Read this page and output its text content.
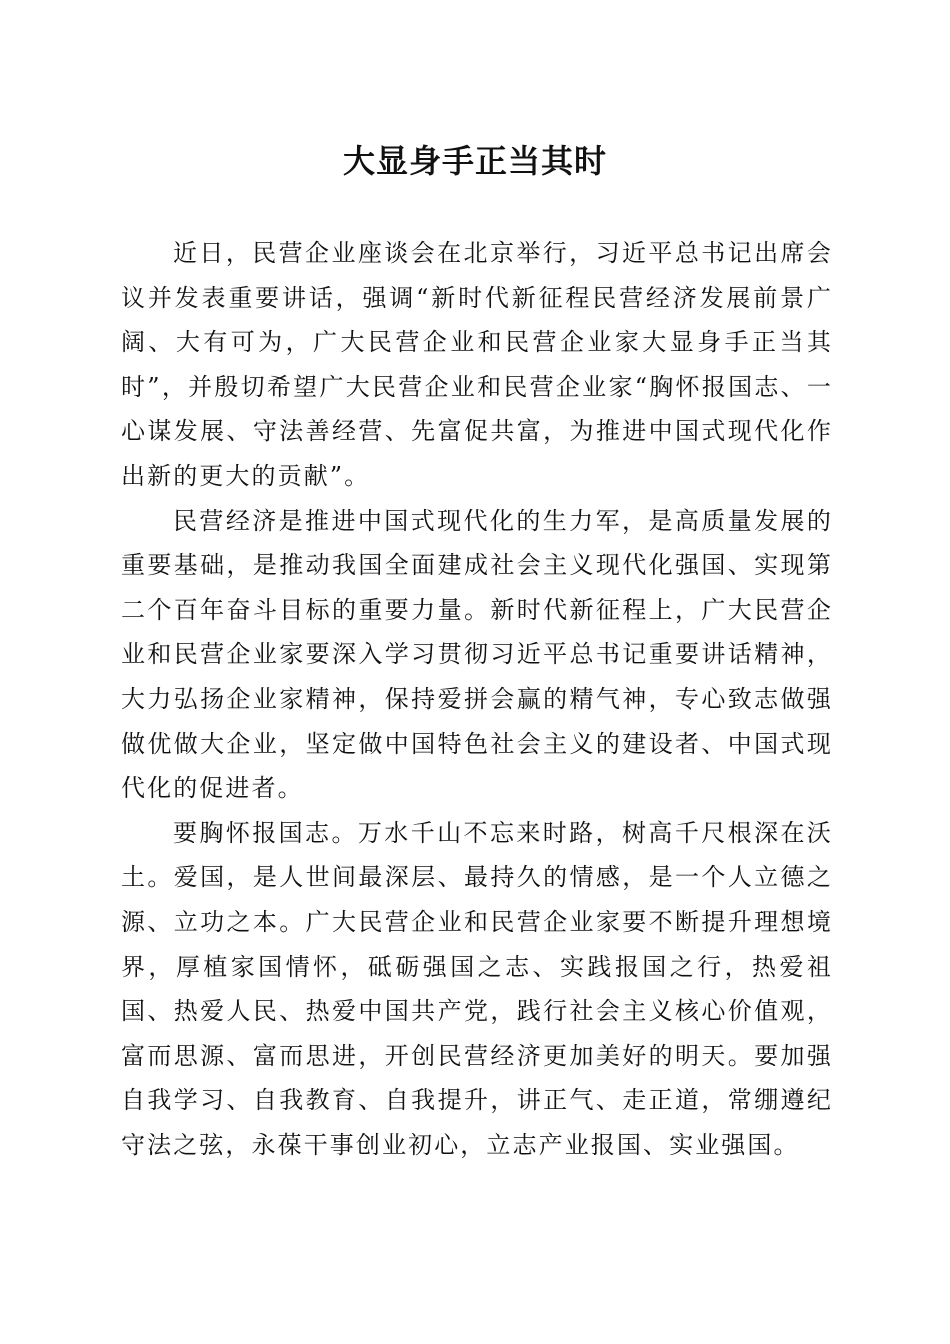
大显身手正当其时

近日，民营企业座谈会在北京举行，习近平总书记出席会议并发表重要讲话，强调“新时代新征程民营经济发展前景广阔、大有可为，广大民营企业和民营企业家大显身手正当其时”，并殷切希望广大民营企业和民营企业家“胸怀报国志、一心谋发展、守法善经营、先富促共富，为推进中国式现代化作出新的更大的贡献”。

民营经济是推进中国式现代化的生力军，是高质量发展的重要基础，是推动我国全面建成社会主义现代化强国、实现第二个百年奋斗目标的重要力量。新时代新征程上，广大民营企业和民营企业家要深入学习贯彻习近平总书记重要讲话精神，大力弘扬企业家精神，保持爱拼会赢的精气神，专心致志做强做优做大企业，坚定做中国特色社会主义的建设者、中国式现代化的促进者。

要胸怀报国志。万水千山不忘来时路，树高千尺根深在沃土。爱国，是人世间最深层、最持久的情感，是一个人立德之源、立功之本。广大民营企业和民营企业家要不断提升理想境界，厚植家国情怀，砥砺强国之志、实践报国之行，热爱祖国、热爱人民、热爱中国共产党，践行社会主义核心价值观，富而思源、富而思进，开创民营经济更加美好的明天。要加强自我学习、自我教育、自我提升，讲正气、走正道，常绷遵纪守法之弦，永葆干事创业初心，立志产业报国、实业强国。
